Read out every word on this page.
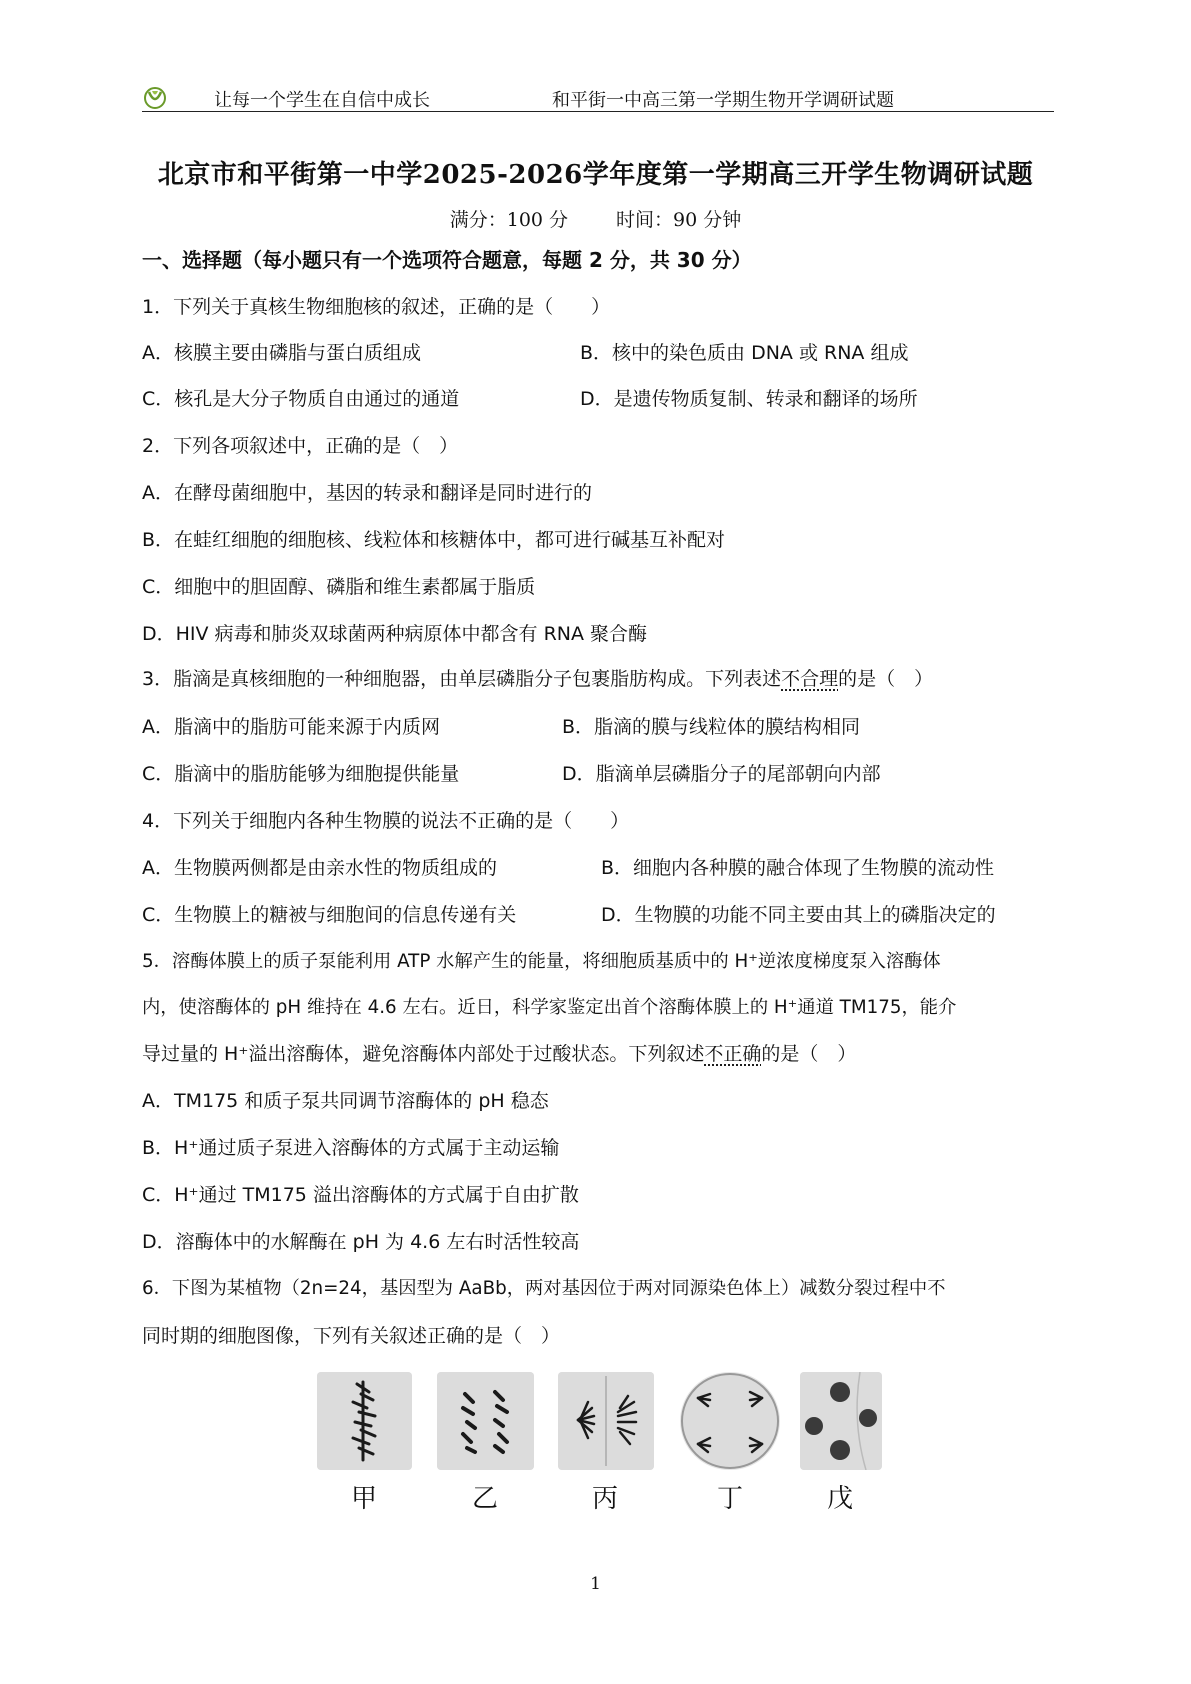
让每一个学生在自信中成长	和平街一中高三第一学期生物开学调研试题
北京市和平街第一中学2025-2026学年度第一学期高三开学生物调研试题
满分：100 分	时间：90 分钟
一、选择题（每小题只有一个选项符合题意，每题 2 分，共 30 分）
1．下列关于真核生物细胞核的叙述，正确的是（　　）
A．核膜主要由磷脂与蛋白质组成	B．核中的染色质由 DNA 或 RNA 组成
C．核孔是大分子物质自由通过的通道	D．是遗传物质复制、转录和翻译的场所
2．下列各项叙述中，正确的是（　）
A．在酵母菌细胞中，基因的转录和翻译是同时进行的
B．在蛙红细胞的细胞核、线粒体和核糖体中，都可进行碱基互补配对
C．细胞中的胆固醇、磷脂和维生素都属于脂质
D．HIV 病毒和肺炎双球菌两种病原体中都含有 RNA 聚合酶
3．脂滴是真核细胞的一种细胞器，由单层磷脂分子包裹脂肪构成。下列表述不合理的是（　）
A．脂滴中的脂肪可能来源于内质网	B．脂滴的膜与线粒体的膜结构相同
C．脂滴中的脂肪能够为细胞提供能量	D．脂滴单层磷脂分子的尾部朝向内部
4．下列关于细胞内各种生物膜的说法不正确的是（　　）
A．生物膜两侧都是由亲水性的物质组成的	B．细胞内各种膜的融合体现了生物膜的流动性
C．生物膜上的糖被与细胞间的信息传递有关	D．生物膜的功能不同主要由其上的磷脂决定的
5．溶酶体膜上的质子泵能利用 ATP 水解产生的能量，将细胞质基质中的 H⁺逆浓度梯度泵入溶酶体
内，使溶酶体的 pH 维持在 4.6 左右。近日，科学家鉴定出首个溶酶体膜上的 H⁺通道 TM175，能介
导过量的 H⁺溢出溶酶体，避免溶酶体内部处于过酸状态。下列叙述不正确的是（　）
A．TM175 和质子泵共同调节溶酶体的 pH 稳态
B．H⁺通过质子泵进入溶酶体的方式属于主动运输
C．H⁺通过 TM175 溢出溶酶体的方式属于自由扩散
D．溶酶体中的水解酶在 pH 为 4.6 左右时活性较高
6．下图为某植物（2n=24，基因型为 AaBb，两对基因位于两对同源染色体上）减数分裂过程中不
同时期的细胞图像，下列有关叙述正确的是（　）
甲	乙	丙	丁	戊
1
